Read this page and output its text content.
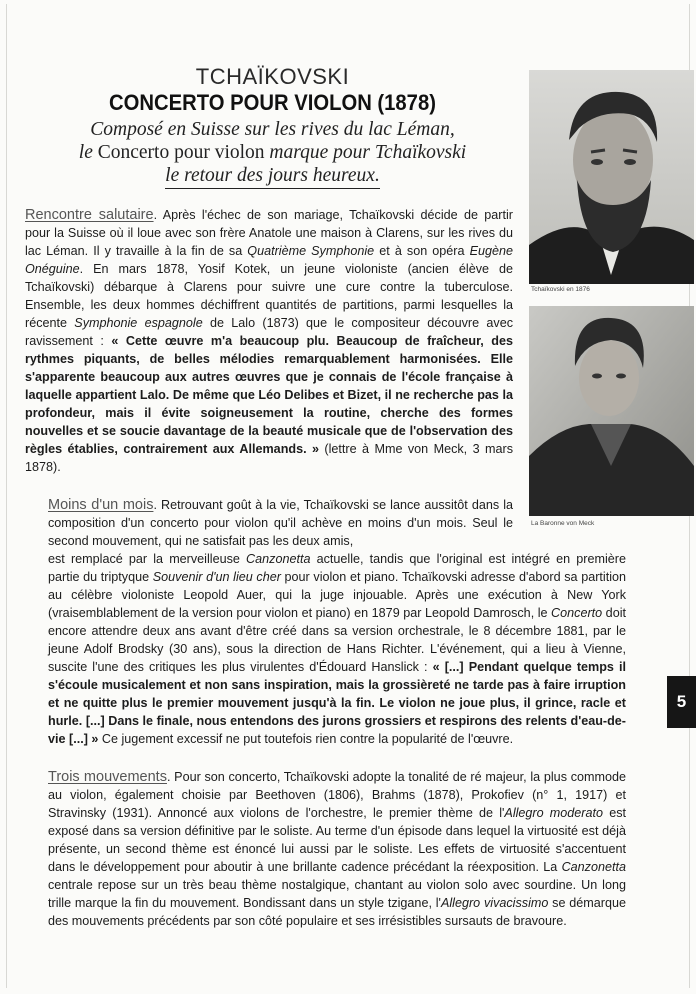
TCHAÏKOVSKI
CONCERTO POUR VIOLON (1878)
Composé en Suisse sur les rives du lac Léman,
le Concerto pour violon marque pour Tchaïkovski
le retour des jours heureux.
Tchaïkovski en 1876
La Baronne von Meck

Rencontre salutaire. Après l'échec de son mariage, Tchaïkovski décide de partir pour la Suisse où il loue avec son frère Anatole une maison à Clarens, sur les rives du lac Léman. Il y travaille à la fin de sa Quatrième Symphonie et à son opéra Eugène Onéguine. En mars 1878, Yosif Kotek, un jeune violoniste (ancien élève de Tchaïkovski) débarque à Clarens pour suivre une cure contre la tuberculose. Ensemble, les deux hommes déchiffrent quantités de partitions, parmi lesquelles la récente Symphonie espagnole de Lalo (1873) que le compositeur découvre avec ravissement : « Cette œuvre m'a beaucoup plu. Beaucoup de fraîcheur, des rythmes piquants, de belles mélodies remarquablement harmonisées. Elle s'apparente beaucoup aux autres œuvres que je connais de l'école française à laquelle appartient Lalo. De même que Léo Delibes et Bizet, il ne recherche pas la profondeur, mais il évite soigneusement la routine, cherche des formes nouvelles et se soucie davantage de la beauté musicale que de l'observation des règles établies, contrairement aux Allemands. » (lettre à Mme von Meck, 3 mars 1878).

Moins d'un mois. Retrouvant goût à la vie, Tchaïkovski se lance aussitôt dans la composition d'un concerto pour violon qu'il achève en moins d'un mois. Seul le second mouvement, qui ne satisfait pas les deux amis,

est remplacé par la merveilleuse Canzonetta actuelle, tandis que l'original est intégré en première partie du triptyque Souvenir d'un lieu cher pour violon et piano. Tchaïkovski adresse d'abord sa partition au célèbre violoniste Leopold Auer, qui la juge injouable. Après une exécution à New York (vraisemblablement de la version pour violon et piano) en 1879 par Leopold Damrosch, le Concerto doit encore attendre deux ans avant d'être créé dans sa version orchestrale, le 8 décembre 1881, par le jeune Adolf Brodsky (30 ans), sous la direction de Hans Richter. L'événement, qui a lieu à Vienne, suscite l'une des critiques les plus virulentes d'Édouard Hanslick : « [...] Pendant quelque temps il s'écoule musicalement et non sans inspiration, mais la grossièreté ne tarde pas à faire irruption et ne quitte plus le premier mouvement jusqu'à la fin. Le violon ne joue plus, il grince, racle et hurle. [...] Dans le finale, nous entendons des jurons grossiers et respirons des relents d'eau-de-vie [...] » Ce jugement excessif ne put toutefois rien contre la popularité de l'œuvre.

Trois mouvements. Pour son concerto, Tchaïkovski adopte la tonalité de ré majeur, la plus commode au violon, également choisie par Beethoven (1806), Brahms (1878), Prokofiev (n° 1, 1917) et Stravinsky (1931). Annoncé aux violons de l'orchestre, le premier thème de l'Allegro moderato est exposé dans sa version définitive par le soliste. Au terme d'un épisode dans lequel la virtuosité est déjà présente, un second thème est énoncé lui aussi par le soliste. Les effets de virtuosité s'accentuent dans le développement pour aboutir à une brillante cadence précédant la réexposition. La Canzonetta centrale repose sur un très beau thème nostalgique, chantant au violon solo avec sourdine. Un long trille marque la fin du mouvement. Bondissant dans un style tzigane, l'Allegro vivacissimo se démarque des mouvements précédents par son côté populaire et ses irrésistibles sursauts de bravoure.

5
